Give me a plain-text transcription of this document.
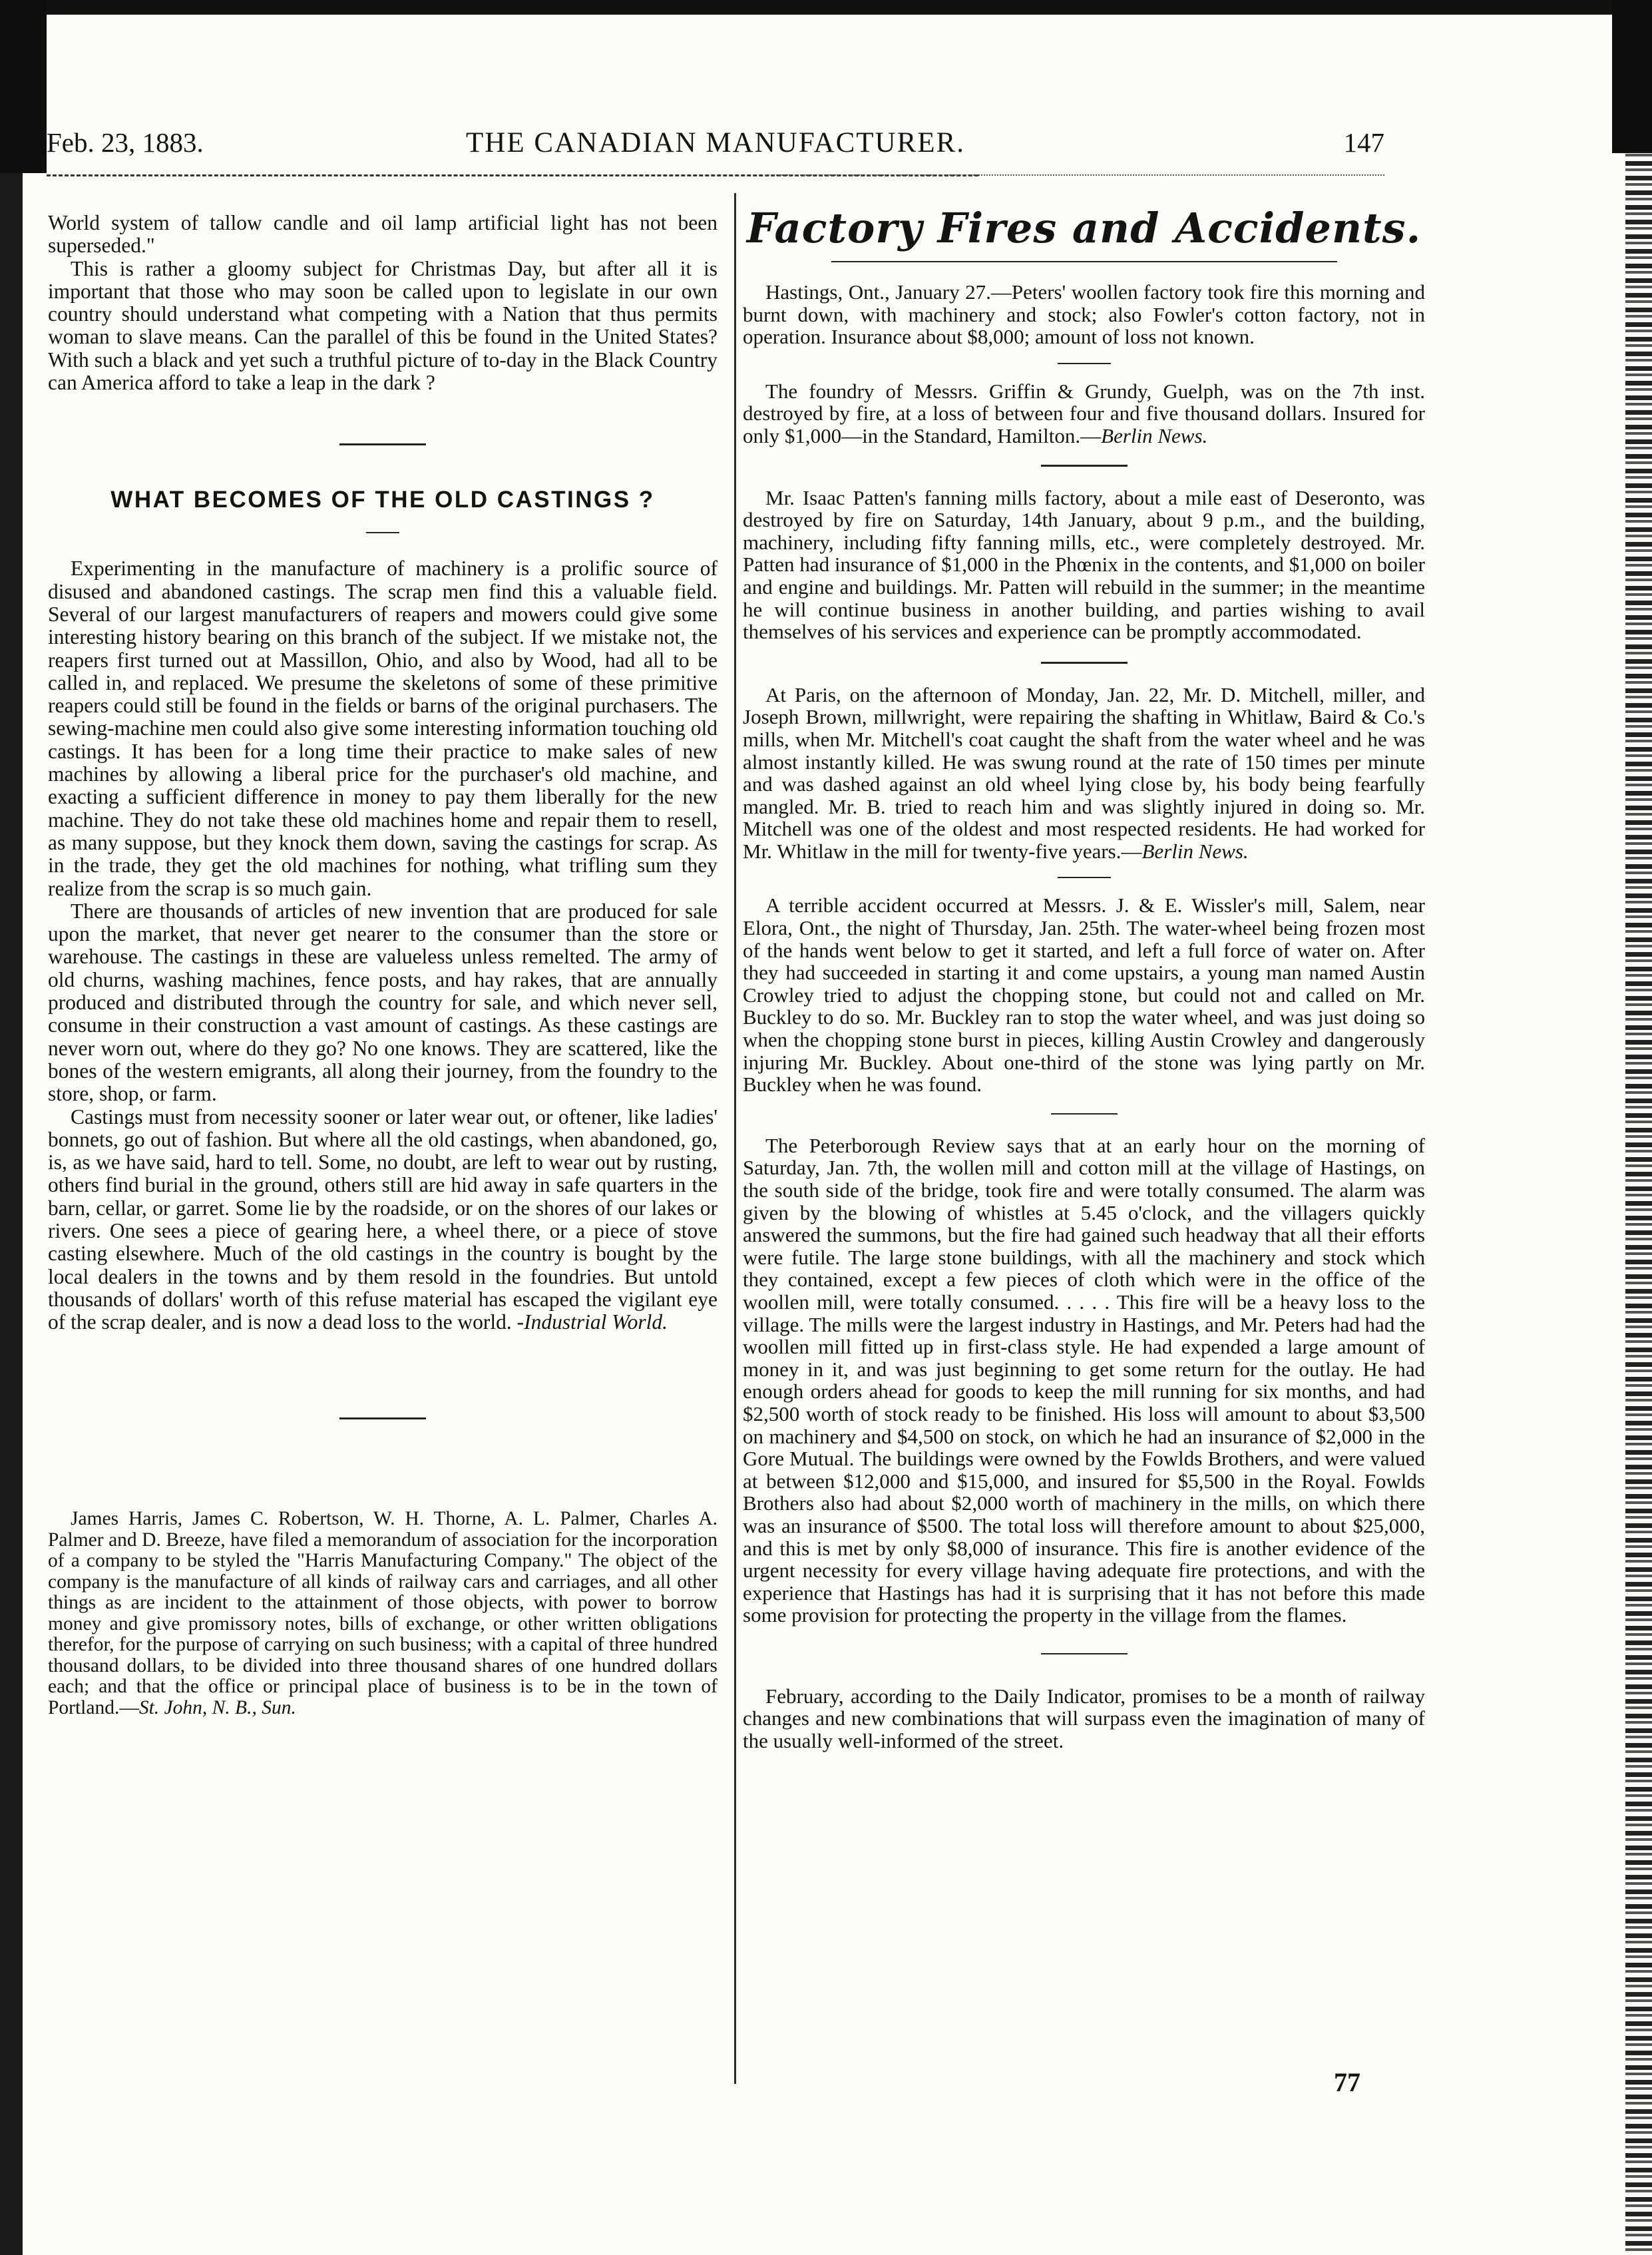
Feb. 23, 1883.	THE CANADIAN MANUFACTURER.	147

World system of tallow candle and oil lamp artificial light has not been superseded."

This is rather a gloomy subject for Christmas Day, but after all it is important that those who may soon be called upon to legislate in our own country should understand what competing with a Nation that thus permits woman to slave means. Can the parallel of this be found in the United States? With such a black and yet such a truthful picture of to-day in the Black Country can America afford to take a leap in the dark ?

WHAT BECOMES OF THE OLD CASTINGS ?

Experimenting in the manufacture of machinery is a prolific source of disused and abandoned castings. The scrap men find this a valuable field. Several of our largest manufacturers of reapers and mowers could give some interesting history bearing on this branch of the subject. If we mistake not, the reapers first turned out at Massillon, Ohio, and also by Wood, had all to be called in, and replaced. We presume the skeletons of some of these primitive reapers could still be found in the fields or barns of the original purchasers. The sewing-machine men could also give some interesting information touching old castings. It has been for a long time their practice to make sales of new machines by allowing a liberal price for the purchaser's old machine, and exacting a sufficient difference in money to pay them liberally for the new machine. They do not take these old machines home and repair them to resell, as many suppose, but they knock them down, saving the castings for scrap. As in the trade, they get the old machines for nothing, what trifling sum they realize from the scrap is so much gain.

There are thousands of articles of new invention that are produced for sale upon the market, that never get nearer to the consumer than the store or warehouse. The castings in these are valueless unless remelted. The army of old churns, washing machines, fence posts, and hay rakes, that are annually produced and distributed through the country for sale, and which never sell, consume in their construction a vast amount of castings. As these castings are never worn out, where do they go? No one knows. They are scattered, like the bones of the western emigrants, all along their journey, from the foundry to the store, shop, or farm.

Castings must from necessity sooner or later wear out, or oftener, like ladies' bonnets, go out of fashion. But where all the old castings, when abandoned, go, is, as we have said, hard to tell. Some, no doubt, are left to wear out by rusting, others find burial in the ground, others still are hid away in safe quarters in the barn, cellar, or garret. Some lie by the roadside, or on the shores of our lakes or rivers. One sees a piece of gearing here, a wheel there, or a piece of stove casting elsewhere. Much of the old castings in the country is bought by the local dealers in the towns and by them resold in the foundries. But untold thousands of dollars' worth of this refuse material has escaped the vigilant eye of the scrap dealer, and is now a dead loss to the world. -Industrial World.

James Harris, James C. Robertson, W. H. Thorne, A. L. Palmer, Charles A. Palmer and D. Breeze, have filed a memorandum of association for the incorporation of a company to be styled the "Harris Manufacturing Company." The object of the company is the manufacture of all kinds of railway cars and carriages, and all other things as are incident to the attainment of those objects, with power to borrow money and give promissory notes, bills of exchange, or other written obligations therefor, for the purpose of carrying on such business; with a capital of three hundred thousand dollars, to be divided into three thousand shares of one hundred dollars each; and that the office or principal place of business is to be in the town of Portland.—St. John, N. B., Sun.

Factory Fires and Accidents.

Hastings, Ont., January 27.—Peters' woollen factory took fire this morning and burnt down, with machinery and stock; also Fowler's cotton factory, not in operation. Insurance about $8,000; amount of loss not known.

The foundry of Messrs. Griffin & Grundy, Guelph, was on the 7th inst. destroyed by fire, at a loss of between four and five thousand dollars. Insured for only $1,000—in the Standard, Hamilton.—Berlin News.

Mr. Isaac Patten's fanning mills factory, about a mile east of Deseronto, was destroyed by fire on Saturday, 14th January, about 9 p.m., and the building, machinery, including fifty fanning mills, etc., were completely destroyed. Mr. Patten had insurance of $1,000 in the Phœnix in the contents, and $1,000 on boiler and engine and buildings. Mr. Patten will rebuild in the summer; in the meantime he will continue business in another building, and parties wishing to avail themselves of his services and experience can be promptly accommodated.

At Paris, on the afternoon of Monday, Jan. 22, Mr. D. Mitchell, miller, and Joseph Brown, millwright, were repairing the shafting in Whitlaw, Baird & Co.'s mills, when Mr. Mitchell's coat caught the shaft from the water wheel and he was almost instantly killed. He was swung round at the rate of 150 times per minute and was dashed against an old wheel lying close by, his body being fearfully mangled. Mr. B. tried to reach him and was slightly injured in doing so. Mr. Mitchell was one of the oldest and most respected residents. He had worked for Mr. Whitlaw in the mill for twenty-five years.—Berlin News.

A terrible accident occurred at Messrs. J. & E. Wissler's mill, Salem, near Elora, Ont., the night of Thursday, Jan. 25th. The water-wheel being frozen most of the hands went below to get it started, and left a full force of water on. After they had succeeded in starting it and come upstairs, a young man named Austin Crowley tried to adjust the chopping stone, but could not and called on Mr. Buckley to do so. Mr. Buckley ran to stop the water wheel, and was just doing so when the chopping stone burst in pieces, killing Austin Crowley and dangerously injuring Mr. Buckley. About one-third of the stone was lying partly on Mr. Buckley when he was found.

The Peterborough Review says that at an early hour on the morning of Saturday, Jan. 7th, the wollen mill and cotton mill at the village of Hastings, on the south side of the bridge, took fire and were totally consumed. The alarm was given by the blowing of whistles at 5.45 o'clock, and the villagers quickly answered the summons, but the fire had gained such headway that all their efforts were futile. The large stone buildings, with all the machinery and stock which they contained, except a few pieces of cloth which were in the office of the woollen mill, were totally consumed. . . . . This fire will be a heavy loss to the village. The mills were the largest industry in Hastings, and Mr. Peters had had the woollen mill fitted up in first-class style. He had expended a large amount of money in it, and was just beginning to get some return for the outlay. He had enough orders ahead for goods to keep the mill running for six months, and had $2,500 worth of stock ready to be finished. His loss will amount to about $3,500 on machinery and $4,500 on stock, on which he had an insurance of $2,000 in the Gore Mutual. The buildings were owned by the Fowlds Brothers, and were valued at between $12,000 and $15,000, and insured for $5,500 in the Royal. Fowlds Brothers also had about $2,000 worth of machinery in the mills, on which there was an insurance of $500. The total loss will therefore amount to about $25,000, and this is met by only $8,000 of insurance. This fire is another evidence of the urgent necessity for every village having adequate fire protections, and with the experience that Hastings has had it is surprising that it has not before this made some provision for protecting the property in the village from the flames.

February, according to the Daily Indicator, promises to be a month of railway changes and new combinations that will surpass even the imagination of many of the usually well-informed of the street.

77
